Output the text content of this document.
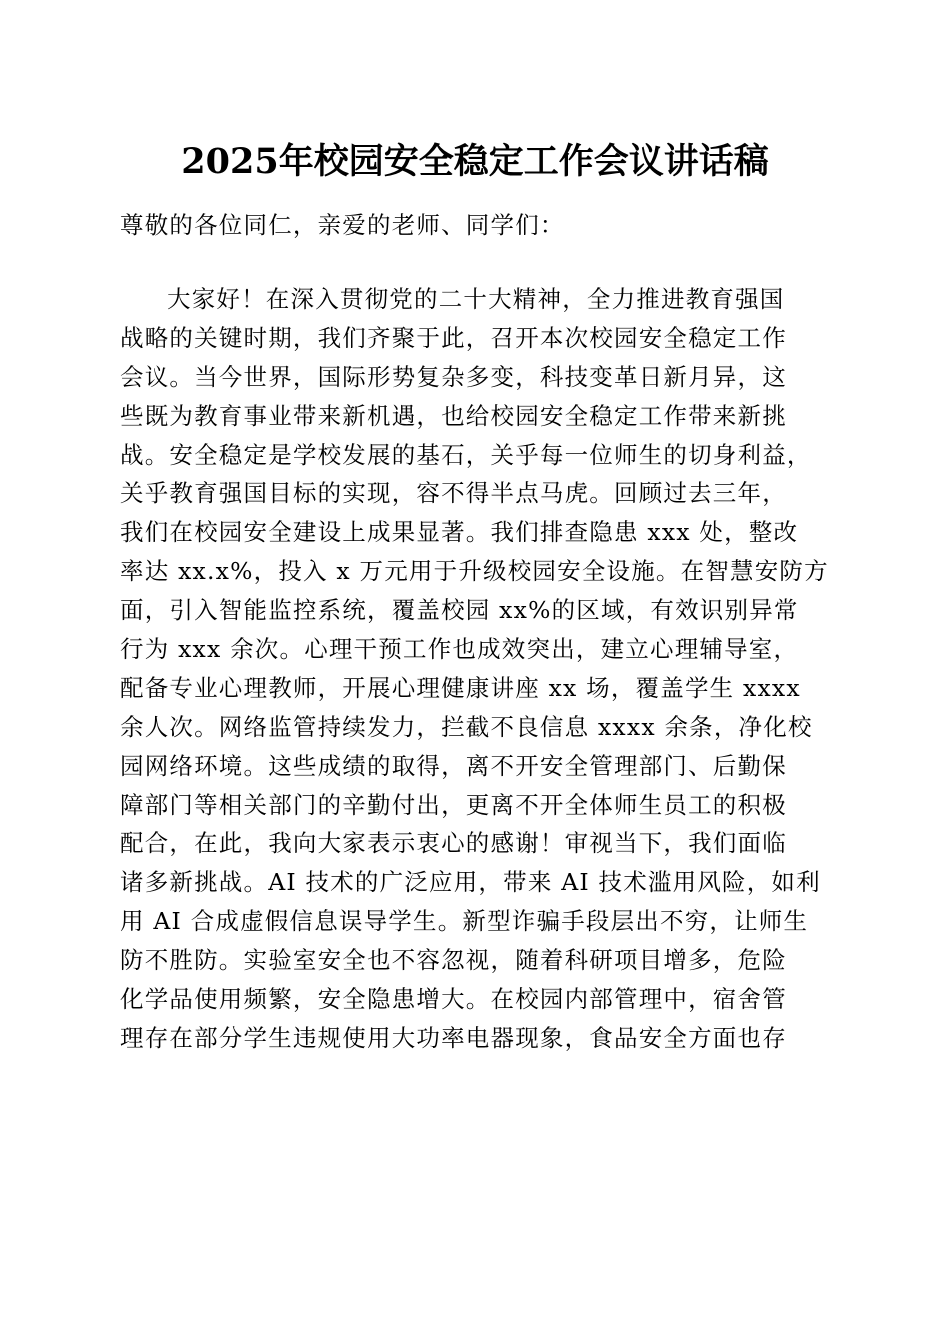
2025年校园安全稳定工作会议讲话稿
尊敬的各位同仁，亲爱的老师、同学们：
大家好！在深入贯彻党的二十大精神，全力推进教育强国
战略的关键时期，我们齐聚于此，召开本次校园安全稳定工作
会议。当今世界，国际形势复杂多变，科技变革日新月异，这
些既为教育事业带来新机遇，也给校园安全稳定工作带来新挑
战。安全稳定是学校发展的基石，关乎每一位师生的切身利益，
关乎教育强国目标的实现，容不得半点马虎。回顾过去三年，
我们在校园安全建设上成果显著。我们排查隐患 xxx 处，整改
率达 xx.x%，投入 x 万元用于升级校园安全设施。在智慧安防方
面，引入智能监控系统，覆盖校园 xx%的区域，有效识别异常
行为 xxx 余次。心理干预工作也成效突出，建立心理辅导室，
配备专业心理教师，开展心理健康讲座 xx 场，覆盖学生 xxxx
余人次。网络监管持续发力，拦截不良信息 xxxx 余条，净化校
园网络环境。这些成绩的取得，离不开安全管理部门、后勤保
障部门等相关部门的辛勤付出，更离不开全体师生员工的积极
配合，在此，我向大家表示衷心的感谢！审视当下，我们面临
诸多新挑战。AI 技术的广泛应用，带来 AI 技术滥用风险，如利
用 AI 合成虚假信息误导学生。新型诈骗手段层出不穷，让师生
防不胜防。实验室安全也不容忽视，随着科研项目增多，危险
化学品使用频繁，安全隐患增大。在校园内部管理中，宿舍管
理存在部分学生违规使用大功率电器现象，食品安全方面也存
